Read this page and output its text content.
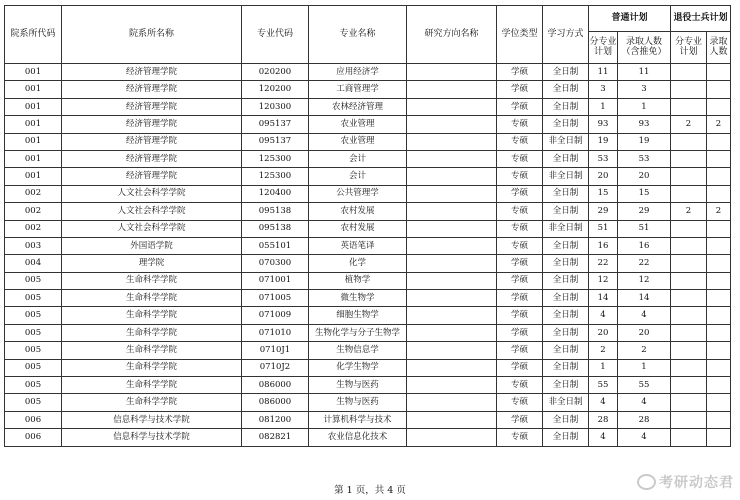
院系所代码	院系所名称	专业代码	专业名称	研究方向名称	学位类型	学习方式	普通计划		退役士兵计划	
							分专业计划	录取人数（含推免）	分专业计划	录取人数
001	经济管理学院	020200	应用经济学		学硕	全日制	11	11		
001	经济管理学院	120200	工商管理学		学硕	全日制	3	3		
001	经济管理学院	120300	农林经济管理		学硕	全日制	1	1		
001	经济管理学院	095137	农业管理		专硕	全日制	93	93	2	2
001	经济管理学院	095137	农业管理		专硕	非全日制	19	19		
001	经济管理学院	125300	会计		专硕	全日制	53	53		
001	经济管理学院	125300	会计		专硕	非全日制	20	20		
002	人文社会科学学院	120400	公共管理学		学硕	全日制	15	15		
002	人文社会科学学院	095138	农村发展		专硕	全日制	29	29	2	2
002	人文社会科学学院	095138	农村发展		专硕	非全日制	51	51		
003	外国语学院	055101	英语笔译		专硕	全日制	16	16		
004	理学院	070300	化学		学硕	全日制	22	22		
005	生命科学学院	071001	植物学		学硕	全日制	12	12		
005	生命科学学院	071005	微生物学		学硕	全日制	14	14		
005	生命科学学院	071009	细胞生物学		学硕	全日制	4	4		
005	生命科学学院	071010	生物化学与分子生物学		学硕	全日制	20	20		
005	生命科学学院	0710J1	生物信息学		学硕	全日制	2	2		
005	生命科学学院	0710J2	化学生物学		学硕	全日制	1	1		
005	生命科学学院	086000	生物与医药		专硕	全日制	55	55		
005	生命科学学院	086000	生物与医药		专硕	非全日制	4	4		
006	信息科学与技术学院	081200	计算机科学与技术		学硕	全日制	28	28		
006	信息科学与技术学院	082821	农业信息化技术		专硕	全日制	4	4		
第 1 页，共 4 页	考研动态君
